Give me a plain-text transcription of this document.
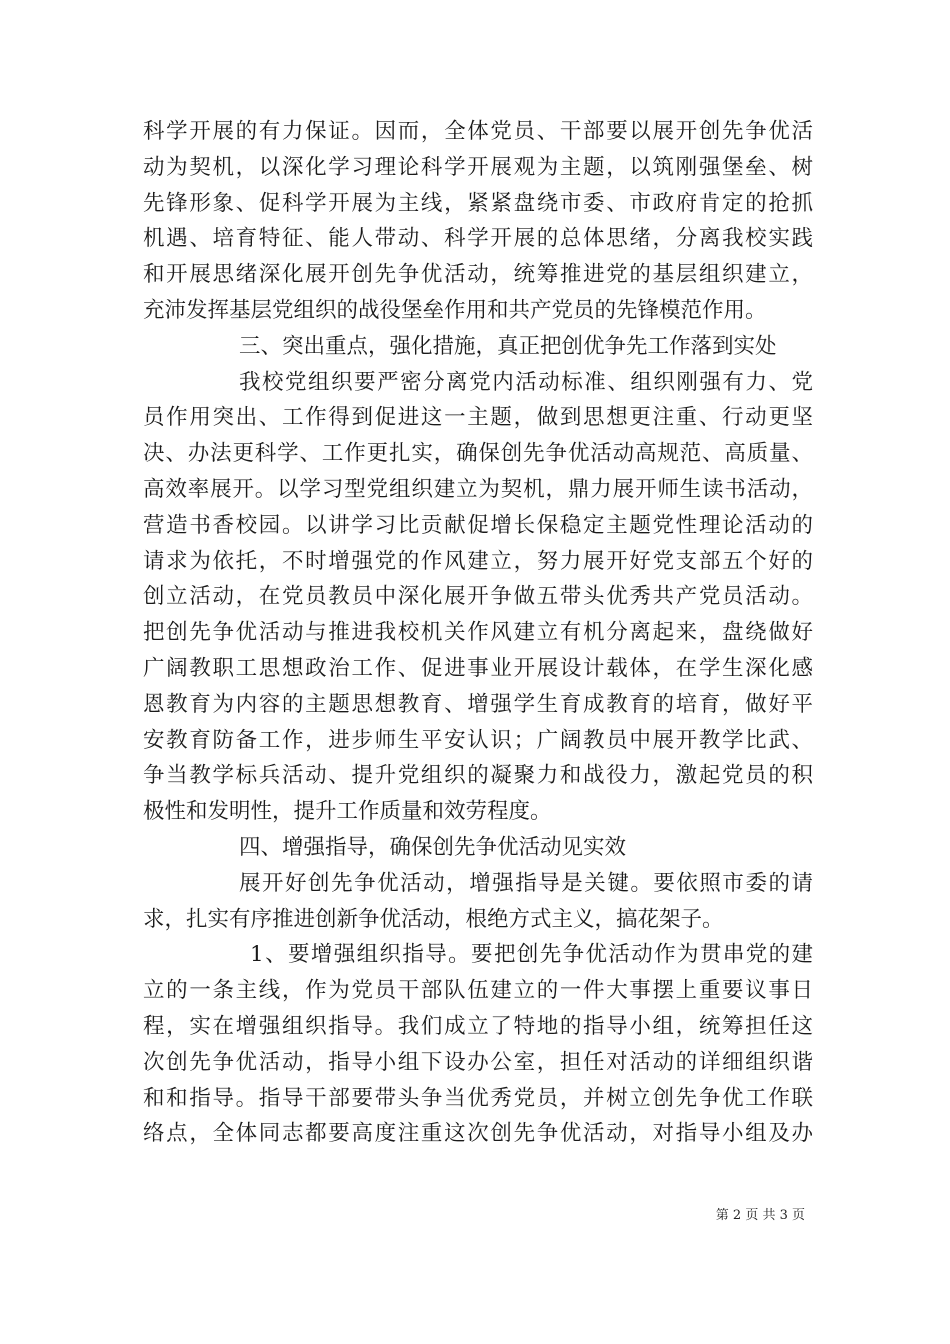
科学开展的有力保证。因而，全体党员、干部要以展开创先争优活
动为契机，以深化学习理论科学开展观为主题，以筑刚强堡垒、树
先锋形象、促科学开展为主线，紧紧盘绕市委、市政府肯定的抢抓
机遇、培育特征、能人带动、科学开展的总体思绪，分离我校实践
和开展思绪深化展开创先争优活动，统筹推进党的基层组织建立，
充沛发挥基层党组织的战役堡垒作用和共产党员的先锋模范作用。
三、突出重点，强化措施，真正把创优争先工作落到实处
我校党组织要严密分离党内活动标准、组织刚强有力、党
员作用突出、工作得到促进这一主题，做到思想更注重、行动更坚
决、办法更科学、工作更扎实，确保创先争优活动高规范、高质量、
高效率展开。以学习型党组织建立为契机，鼎力展开师生读书活动，
营造书香校园。以讲学习比贡献促增长保稳定主题党性理论活动的
请求为依托，不时增强党的作风建立，努力展开好党支部五个好的
创立活动，在党员教员中深化展开争做五带头优秀共产党员活动。
把创先争优活动与推进我校机关作风建立有机分离起来，盘绕做好
广阔教职工思想政治工作、促进事业开展设计载体，在学生深化感
恩教育为内容的主题思想教育、增强学生育成教育的培育，做好平
安教育防备工作，进步师生平安认识；广阔教员中展开教学比武、
争当教学标兵活动、提升党组织的凝聚力和战役力，激起党员的积
极性和发明性，提升工作质量和效劳程度。
四、增强指导，确保创先争优活动见实效
展开好创先争优活动，增强指导是关键。要依照市委的请
求，扎实有序推进创新争优活动，根绝方式主义，搞花架子。
1、要增强组织指导。要把创先争优活动作为贯串党的建
立的一条主线，作为党员干部队伍建立的一件大事摆上重要议事日
程，实在增强组织指导。我们成立了特地的指导小组，统筹担任这
次创先争优活动，指导小组下设办公室，担任对活动的详细组织谐
和和指导。指导干部要带头争当优秀党员，并树立创先争优工作联
络点，全体同志都要高度注重这次创先争优活动，对指导小组及办
第 2 页 共 3 页
